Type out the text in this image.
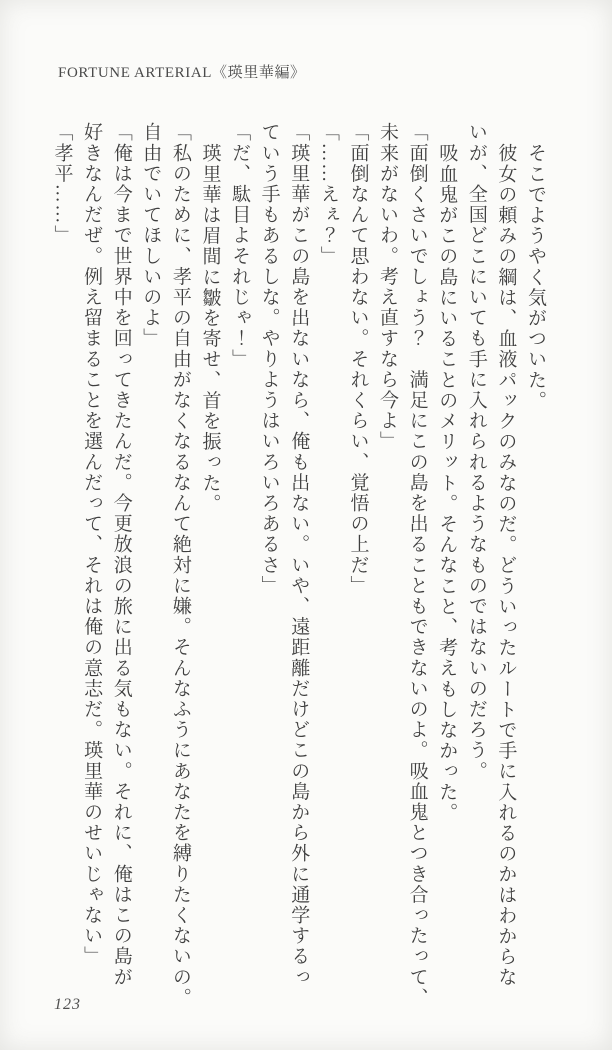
FORTUNE ARTERIAL《瑛里華編》
そこでようやく気がついた。
彼女の頼みの綱は、血液パックのみなのだ。どういったルートで手に入れるのかはわからな
いが、全国どこにいても手に入れられるようなものではないのだろう。
吸血鬼がこの島にいることのメリット。そんなこと、考えもしなかった。
「面倒くさいでしょう？　満足にこの島を出ることもできないのよ。吸血鬼とつき合ったって、
未来がないわ。考え直すなら今よ」
「面倒なんて思わない。それくらい、覚悟の上だ」
「……えぇ？」
「瑛里華がこの島を出ないなら、俺も出ない。いや、遠距離だけどこの島から外に通学するっ
ていう手もあるしな。やりようはいろいろあるさ」
「だ、駄目よそれじゃ！」
瑛里華は眉間に皺を寄せ、首を振った。
「私のために、孝平の自由がなくなるなんて絶対に嫌。そんなふうにあなたを縛りたくないの。
自由でいてほしいのよ」
「俺は今まで世界中を回ってきたんだ。今更放浪の旅に出る気もない。それに、俺はこの島が
好きなんだぜ。例え留まることを選んだって、それは俺の意志だ。瑛里華のせいじゃない」
「孝平……」
123
